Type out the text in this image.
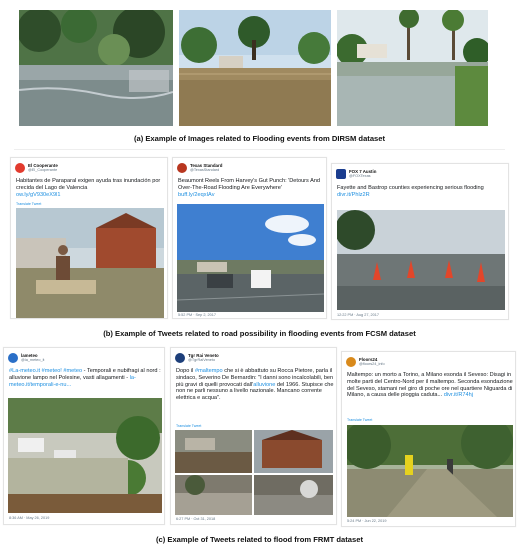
(a) Example of Images related to Flooding events from DIRSM dataset
El Cooperante
@El_Cooperante
Habitantes de Paraparal exigen ayuda tras inundación por crecida del Lago de Valencia
ow.ly/gV930eX9l1
Translate Tweet
Texas Standard
@TexasStandard
Beaumont Reels From Harvey's Gut Punch: 'Detours And Over-The-Road Flooding Are Everywhere'
buff.ly/2eqxIAv
5:52 PM · Sep 2, 2017
FOX 7 Austin
@FOXTexas
Fayette and Bastrop counties experiencing serious flooding divr.it/Phlz2R
12:22 PM · Aug 27, 2017
(b) Example of Tweets related to road possibility in flooding events from FCSM dataset
lameteo
@la_meteo_it
#La-meteo.it #meteo! #meteo - Temporali e nubifragi al nord : alluvione lampo nel Polesine, vasti allagamenti - la-meteo.it/temporali-e-nu...
8:36 AM · May 26, 2019
Tgr Rai Veneto
@TgrRaiVeneto
Dopo il #maltempo che si è abbattuto su Rocca Pietore, parla il sindaco, Severino De Bernardin: "I danni sono incalcolabili, ben più gravi di quelli provocati dall'alluvione del 1966. Stupisce che non ne parli nessuno a livello nazionale. Mancano corrente elettrica e acqua".
Translate Tweet
6:27 PM · Oct 31, 2018
Floors24
@floors24_info
Maltempo: un morto a Torino, a Milano esonda il Seveso: Disagi in molte parti del Centro-Nord per il maltempo. Seconda esondazione del Seveso, stamani nel giro di poche ore nel quartiere Niguarda di Milano, a causa delle pioggia caduta... divr.it/R74hj
Translate Tweet
5:24 PM · Jun 22, 2019
(c) Example of Tweets related to flood from FRMT dataset
